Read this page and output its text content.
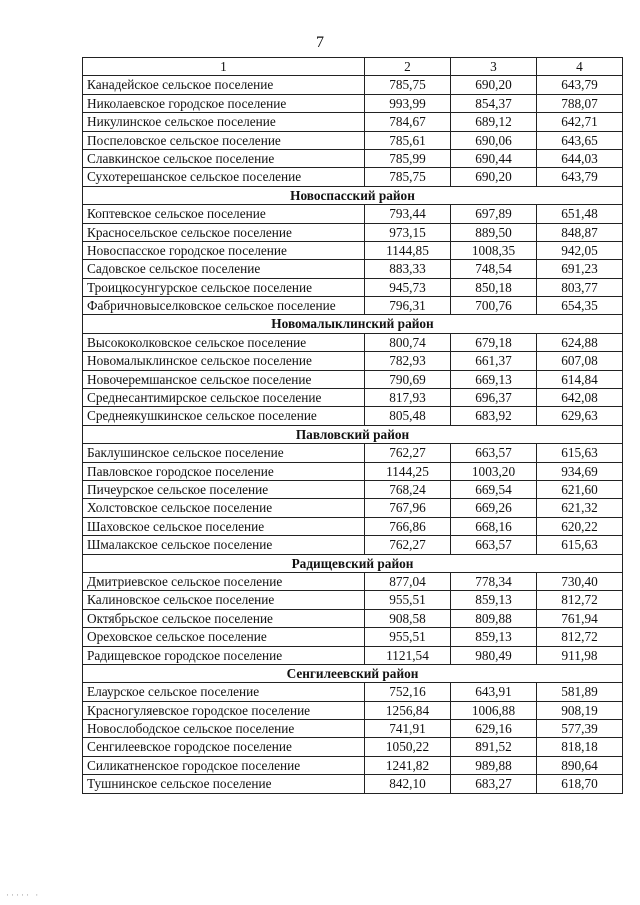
7
1	2	3	4
Канадейское сельское поселение	785,75	690,20	643,79
Николаевское городское поселение	993,99	854,37	788,07
Никулинское сельское поселение	784,67	689,12	642,71
Поспеловское сельское поселение	785,61	690,06	643,65
Славкинское сельское поселение	785,99	690,44	644,03
Сухотерешанское сельское поселение	785,75	690,20	643,79
Новоспасский район			
Коптевское сельское поселение	793,44	697,89	651,48
Красносельское сельское поселение	973,15	889,50	848,87
Новоспасское городское поселение	1144,85	1008,35	942,05
Садовское сельское поселение	883,33	748,54	691,23
Троицкосунгурское сельское поселение	945,73	850,18	803,77
Фабричновыселковское сельское поселение	796,31	700,76	654,35
Новомалыклинский район			
Высококолковское сельское поселение	800,74	679,18	624,88
Новомалыклинское сельское поселение	782,93	661,37	607,08
Новочеремшанское сельское поселение	790,69	669,13	614,84
Среднесантимирское сельское поселение	817,93	696,37	642,08
Среднеякушкинское сельское поселение	805,48	683,92	629,63
Павловский район			
Баклушинское сельское поселение	762,27	663,57	615,63
Павловское городское поселение	1144,25	1003,20	934,69
Пичеурское сельское поселение	768,24	669,54	621,60
Холстовское сельское поселение	767,96	669,26	621,32
Шаховское сельское поселение	766,86	668,16	620,22
Шмалакское сельское поселение	762,27	663,57	615,63
Радищевский район			
Дмитриевское сельское поселение	877,04	778,34	730,40
Калиновское сельское поселение	955,51	859,13	812,72
Октябрьское сельское поселение	908,58	809,88	761,94
Ореховское сельское поселение	955,51	859,13	812,72
Радищевское городское поселение	1121,54	980,49	911,98
Сенгилеевский район			
Елаурское сельское поселение	752,16	643,91	581,89
Красногуляевское городское поселение	1256,84	1006,88	908,19
Новослободское сельское поселение	741,91	629,16	577,39
Сенгилеевское городское поселение	1050,22	891,52	818,18
Силикатненское городское поселение	1241,82	989,88	890,64
Тушнинское сельское поселение	842,10	683,27	618,70
····· ·
